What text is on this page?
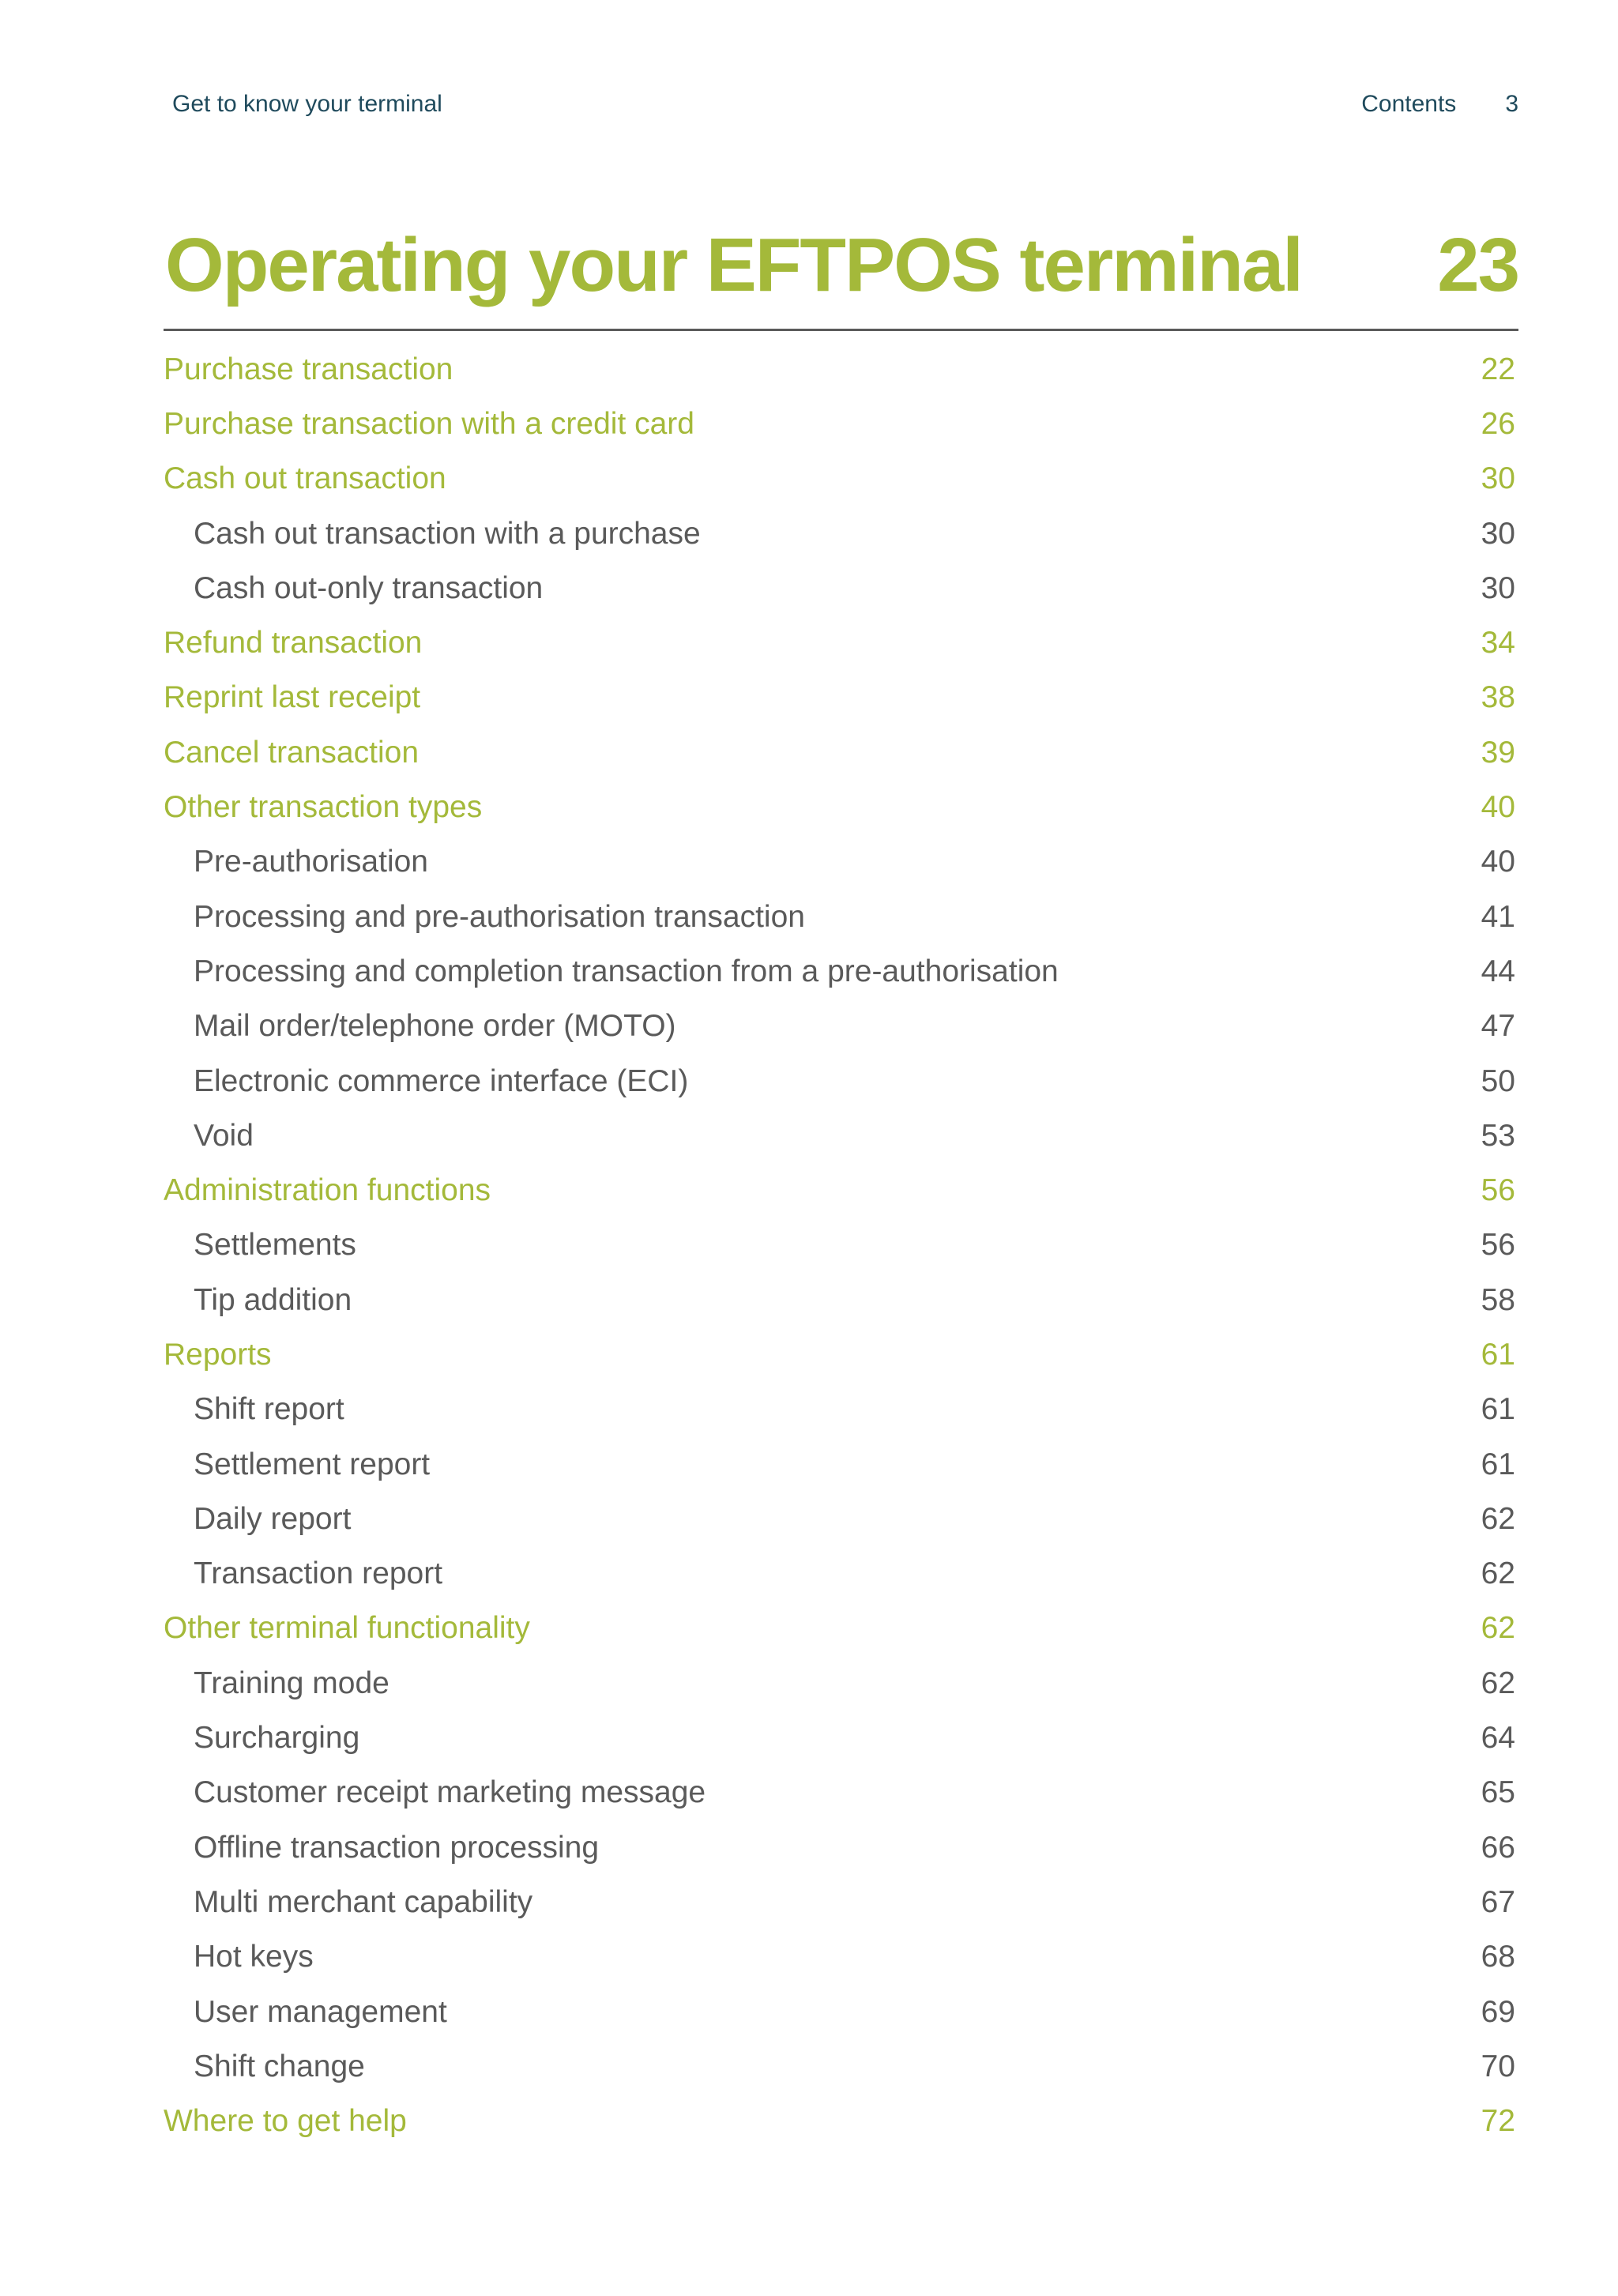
Get to know your terminal	Contents 3
Operating your EFTPOS terminal 23
Purchase transaction	22
Purchase transaction with a credit card	26
Cash out transaction	30
Cash out transaction with a purchase	30
Cash out-only transaction	30
Refund transaction	34
Reprint last receipt	38
Cancel transaction	39
Other transaction types	40
Pre-authorisation	40
Processing and pre-authorisation transaction	41
Processing and completion transaction from a pre-authorisation	44
Mail order/telephone order (MOTO)	47
Electronic commerce interface (ECI)	50
Void	53
Administration functions	56
Settlements	56
Tip addition	58
Reports	61
Shift report	61
Settlement report	61
Daily report	62
Transaction report	62
Other terminal functionality	62
Training mode	62
Surcharging	64
Customer receipt marketing message	65
Offline transaction processing	66
Multi merchant capability	67
Hot keys	68
User management	69
Shift change	70
Where to get help	72
